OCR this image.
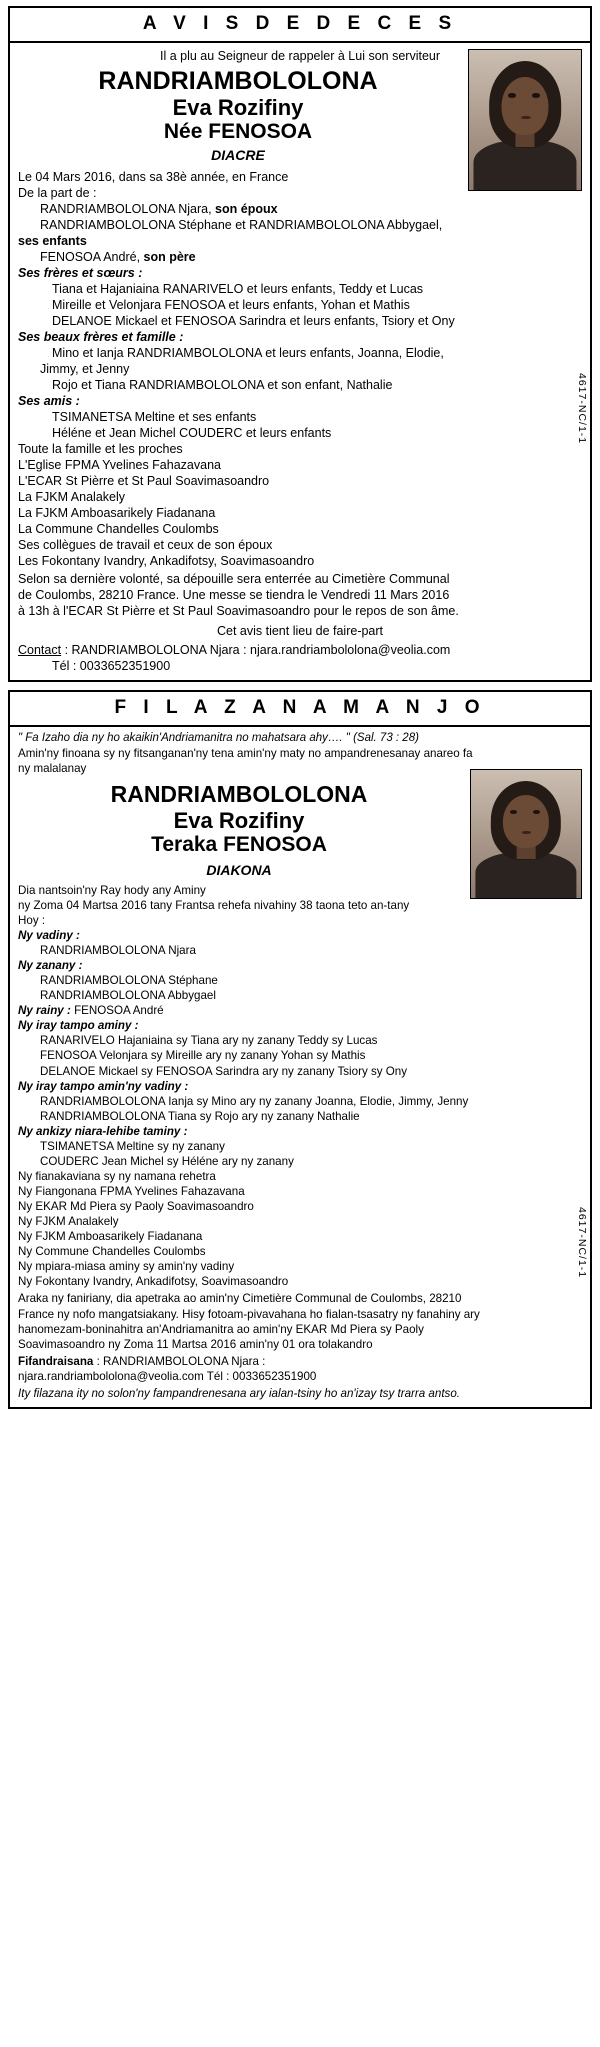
A V I S D E D E C E S
Il a plu au Seigneur de rappeler à Lui son serviteur
RANDRIAMBOLOLONA
Eva Rozifiny
Née FENOSOA
DIACRE
Le 04 Mars 2016, dans sa 38è année, en France
De la part de :
RANDRIAMBOLOLONA Njara, son époux
RANDRIAMBOLOLONA Stéphane et RANDRIAMBOLOLONA Abbygael,
ses enfants
FENOSOA André, son père
Ses frères et sœurs :
Tiana et Hajaniaina RANARIVELO et leurs enfants, Teddy et Lucas
Mireille et Velonjara FENOSOA et leurs enfants, Yohan et Mathis
DELANOE Mickael et FENOSOA Sarindra et leurs enfants, Tsiory et Ony
Ses beaux frères et famille :
Mino et Ianja RANDRIAMBOLOLONA et leurs enfants, Joanna, Elodie,
Jimmy, et Jenny
Rojo et Tiana RANDRIAMBOLOLONA et son enfant, Nathalie
Ses amis :
TSIMANETSA Meltine et ses enfants
Héléne et Jean Michel COUDERC et leurs enfants
Toute la famille et les proches
L'Eglise FPMA Yvelines Fahazavana
L'ECAR St Pièrre et St Paul Soavimasoandro
La FJKM Analakely
La FJKM Amboasarikely Fiadanana
La Commune Chandelles Coulombs
Ses collègues de travail et ceux de son époux
Les Fokontany Ivandry, Ankadifotsy, Soavimasoandro
Selon sa dernière volonté, sa dépouille sera enterrée au Cimetière Communal
de Coulombs, 28210 France. Une messe se tiendra le Vendredi 11 Mars 2016
à 13h à l'ECAR St Pièrre et St Paul Soavimasoandro pour le repos de son âme.
Cet avis tient lieu de faire-part
Contact : RANDRIAMBOLOLONA Njara : njara.randriambololona@veolia.com
Tél : 0033652351900
4617-NC/1-1
F I L A Z A N A M A N J O
" Fa Izaho dia ny ho akaikin'Andriamanitra no mahatsara ahy…. " (Sal. 73 : 28)
Amin'ny finoana sy ny fitsanganan'ny tena amin'ny maty no ampandrenesanay anareo fa
ny malalanay
RANDRIAMBOLOLONA
Eva Rozifiny
Teraka FENOSOA
DIAKONA
Dia nantsoin'ny Ray hody any Aminy
ny Zoma 04 Martsa 2016 tany Frantsa rehefa nivahiny 38 taona teto an-tany
Hoy :
Ny vadiny :
RANDRIAMBOLOLONA Njara
Ny zanany :
RANDRIAMBOLOLONA Stéphane
RANDRIAMBOLOLONA Abbygael
Ny rainy : FENOSOA André
Ny iray tampo aminy :
RANARIVELO Hajaniaina sy Tiana ary ny zanany Teddy sy Lucas
FENOSOA Velonjara sy Mireille ary ny zanany Yohan sy Mathis
DELANOE Mickael sy FENOSOA Sarindra ary ny zanany Tsiory sy Ony
Ny iray tampo amin'ny vadiny :
RANDRIAMBOLOLONA Ianja sy Mino ary ny zanany Joanna, Elodie, Jimmy, Jenny
RANDRIAMBOLOLONA Tiana sy Rojo ary ny zanany Nathalie
Ny ankizy niara-lehibe taminy :
TSIMANETSA Meltine sy ny zanany
COUDERC Jean Michel sy Héléne ary ny zanany
Ny fianakaviana sy ny namana rehetra
Ny Fiangonana FPMA Yvelines Fahazavana
Ny EKAR Md Piera sy Paoly Soavimasoandro
Ny FJKM Analakely
Ny FJKM Amboasarikely Fiadanana
Ny Commune Chandelles Coulombs
Ny mpiara-miasa aminy sy amin'ny vadiny
Ny Fokontany Ivandry, Ankadifotsy, Soavimasoandro
Araka ny faniriany, dia apetraka ao amin'ny Cimetière Communal de Coulombs, 28210
France ny nofo mangatsiakany. Hisy fotoam-pivavahana ho fialan-tsasatry ny fanahiny ary
hanomezam-boninahitra an'Andriamanitra ao amin'ny EKAR Md Piera sy Paoly
Soavimasoandro ny Zoma 11 Martsa 2016 amin'ny 01 ora tolakandro
Fifandraisana : RANDRIAMBOLOLONA Njara :
njara.randriambololona@veolia.com Tél : 0033652351900
Ity filazana ity no solon'ny fampandrenesana ary ialan-tsiny ho an'izay tsy trarra antso.
4617-NC/1-1
